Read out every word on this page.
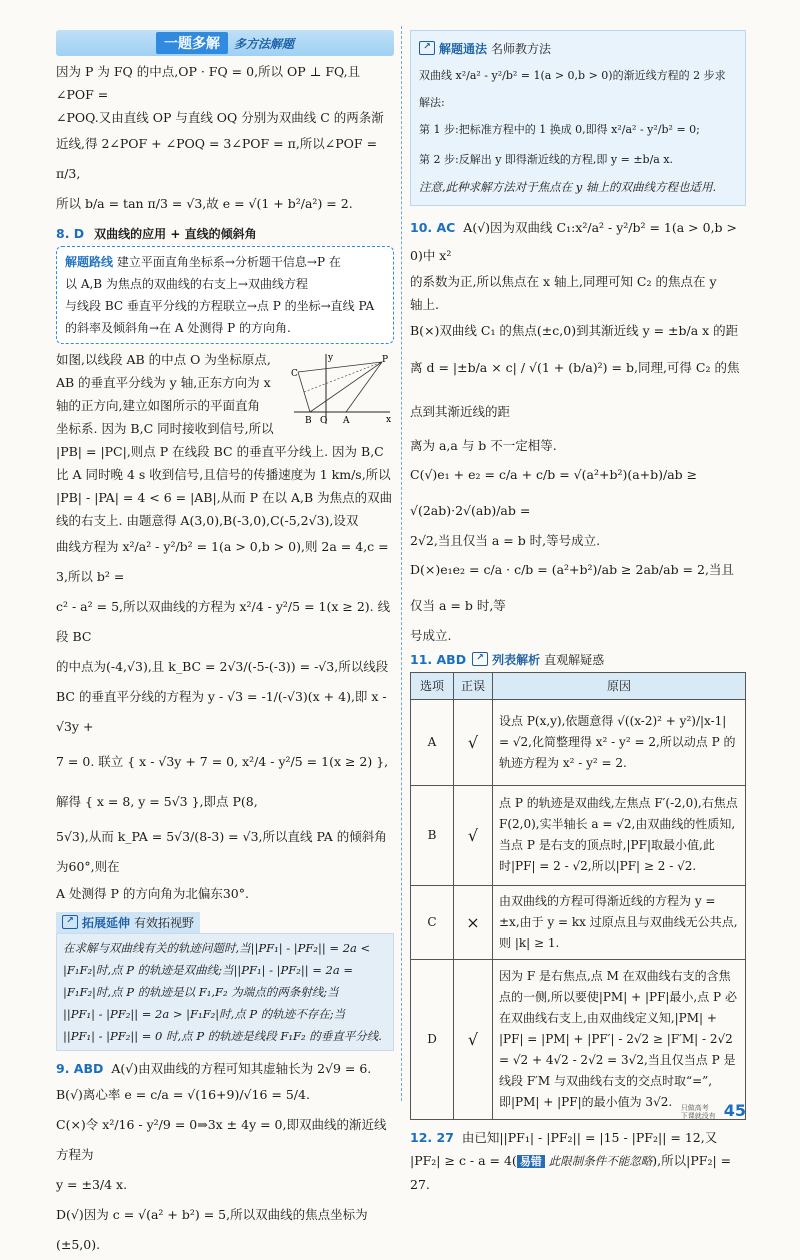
一题多解	多方法解题

因为 P 为 FQ 的中点,OP · FQ = 0,所以 OP ⊥ FQ,且∠POF =

∠POQ.又由直线 OP 与直线 OQ 分别为双曲线 C 的两条渐

近线,得 2∠POF + ∠POQ = 3∠POF = π,所以∠POF = π/3,

所以 b/a = tan π/3 = √3,故 e = √(1 + b²/a²) = 2.

8. D 双曲线的应用 + 直线的倾斜角
解题路线 建立平面直角坐标系→分析题干信息→P 在
以 A,B 为焦点的双曲线的右支上→双曲线方程
与线段 BC 垂直平分线的方程联立→点 P 的坐标→直线 PA
的斜率及倾斜角→在 A 处测得 P 的方向角.
y
x
C
P
B O A

如图,以线段 AB 的中点 O 为坐标原点,

AB 的垂直平分线为 y 轴,正东方向为 x

轴的正方向,建立如图所示的平面直角

坐标系. 因为 B,C 同时接收到信号,所以

|PB| = |PC|,则点 P 在线段 BC 的垂直平分线上. 因为 B,C

比 A 同时晚 4 s 收到信号,且信号的传播速度为 1 km/s,所以

|PB| - |PA| = 4 < 6 = |AB|,从而 P 在以 A,B 为焦点的双曲

线的右支上. 由题意得 A(3,0),B(-3,0),C(-5,2√3),设双

曲线方程为 x²/a² - y²/b² = 1(a > 0,b > 0),则 2a = 4,c = 3,所以 b² =

c² - a² = 5,所以双曲线的方程为 x²/4 - y²/5 = 1(x ≥ 2). 线段 BC

的中点为(-4,√3),且 k_BC = 2√3/(-5-(-3)) = -√3,所以线段

BC 的垂直平分线的方程为 y - √3 = -1/(-√3)(x + 4),即 x - √3y +

7 = 0. 联立 { x - √3y + 7 = 0, x²/4 - y²/5 = 1(x ≥ 2) },解得 { x = 8, y = 5√3 },即点 P(8,

5√3),从而 k_PA = 5√3/(8-3) = √3,所以直线 PA 的倾斜角为60°,则在

A 处测得 P 的方向角为北偏东30°.

↗ 拓展延伸 有效拓视野
在求解与双曲线有关的轨迹问题时,当||PF₁| - |PF₂|| = 2a <
|F₁F₂|时,点 P 的轨迹是双曲线;当||PF₁| - |PF₂|| = 2a =
|F₁F₂|时,点 P 的轨迹是以 F₁,F₂ 为端点的两条射线;当
||PF₁| - |PF₂|| = 2a > |F₁F₂|时,点 P 的轨迹不存在;当
||PF₁| - |PF₂|| = 0 时,点 P 的轨迹是线段 F₁F₂ 的垂直平分线.

9. ABD A(√)由双曲线的方程可知其虚轴长为 2√9 = 6.

B(√)离心率 e = c/a = √(16+9)/√16 = 5/4.

C(×)令 x²/16 - y²/9 = 0⇒3x ± 4y = 0,即双曲线的渐近线方程为

y = ±3/4 x.

D(√)因为 c = √(a² + b²) = 5,所以双曲线的焦点坐标为(±5,0).

↗ 解题通法 名师教方法
双曲线 x²/a² - y²/b² = 1(a > 0,b > 0)的渐近线方程的 2 步求
解法:
第 1 步:把标准方程中的 1 换成 0,即得 x²/a² - y²/b² = 0;
第 2 步:反解出 y 即得渐近线的方程,即 y = ±b/a x.
注意,此种求解方法对于焦点在 y 轴上的双曲线方程也适用.

10. AC A(√)因为双曲线 C₁:x²/a² - y²/b² = 1(a > 0,b > 0)中 x²

的系数为正,所以焦点在 x 轴上,同理可知 C₂ 的焦点在 y

轴上.

B(×)双曲线 C₁ 的焦点(±c,0)到其渐近线 y = ±b/a x 的距

离 d = |±b/a × c| / √(1 + (b/a)²) = b,同理,可得 C₂ 的焦点到其渐近线的距

离为 a,a 与 b 不一定相等.

C(√)e₁ + e₂ = c/a + c/b = √(a²+b²)(a+b)/ab ≥ √(2ab)·2√(ab)/ab =

2√2,当且仅当 a = b 时,等号成立.

D(×)e₁e₂ = c/a · c/b = (a²+b²)/ab ≥ 2ab/ab = 2,当且仅当 a = b 时,等

号成立.

11. ABD	↗ 列表解析 直观解疑惑
选项	正误	原因
A	√	设点 P(x,y),依题意得 √((x-2)² + y²)/|x-1| = √2,化简整理得 x² - y² = 2,所以动点 P 的轨迹方程为 x² - y² = 2.
B	√	点 P 的轨迹是双曲线,左焦点 F′(-2,0),右焦点 F(2,0),实半轴长 a = √2,由双曲线的性质知,当点 P 是右支的顶点时,|PF|取最小值,此时|PF| = 2 - √2,所以|PF| ≥ 2 - √2.
C	×	由双曲线的方程可得渐近线的方程为 y = ±x,由于 y = kx 过原点且与双曲线无公共点,则 |k| ≥ 1.
D	√	因为 F 是右焦点,点 M 在双曲线右支的含焦点的一侧,所以要使|PM| + |PF|最小,点 P 必在双曲线右支上,由双曲线定义知,|PM| + |PF| = |PM| + |PF′| - 2√2 ≥ |F′M| - 2√2 = √2 + 4√2 - 2√2 = 3√2,当且仅当点 P 是线段 F′M 与双曲线右支的交点时取“=”,即|PM| + |PF|的最小值为 3√2.

12. 27 由已知||PF₁| - |PF₂|| = |15 - |PF₂|| = 12,又

|PF₂| ≥ c - a = 4( 易错 此限制条件不能忽略),所以|PF₂| = 27.

只做高考
下课就没有 45
